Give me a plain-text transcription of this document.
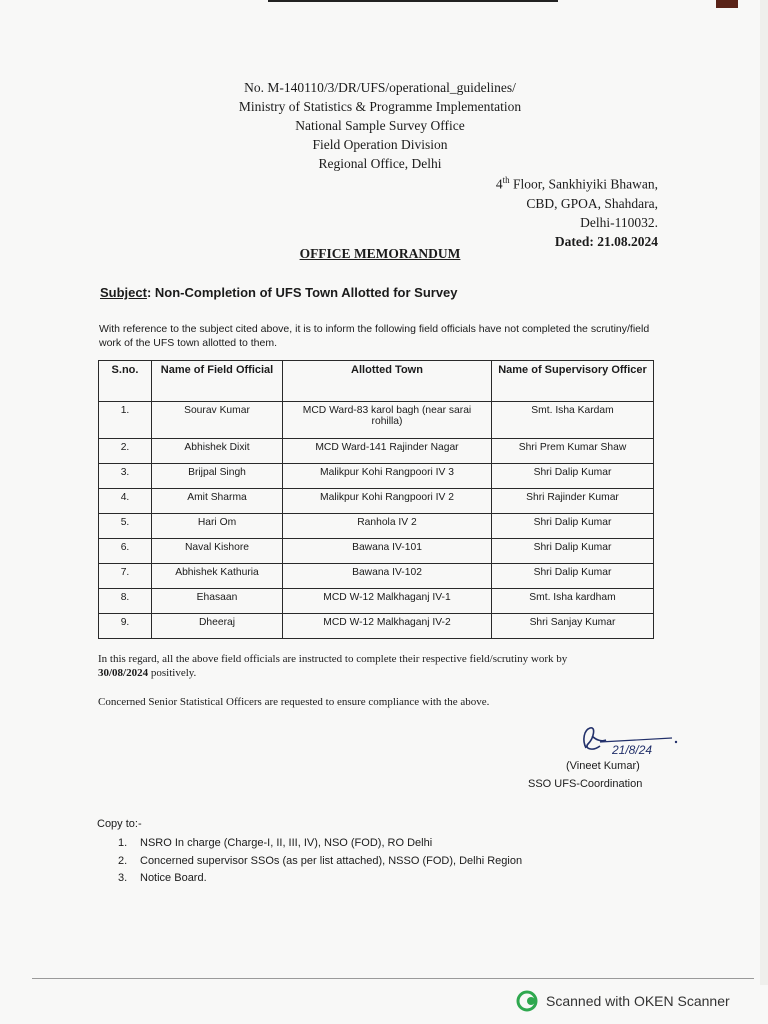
No. M-140110/3/DR/UFS/operational_guidelines/
Ministry of Statistics & Programme Implementation
National Sample Survey Office
Field Operation Division
Regional Office, Delhi
4th Floor, Sankhiyiki Bhawan,
CBD, GPOA, Shahdara,
Delhi-110032.
Dated: 21.08.2024
OFFICE MEMORANDUM
Subject: Non-Completion of UFS Town Allotted for Survey
With reference to the subject cited above, it is to inform the following field officials have not completed the scrutiny/field work of the UFS town allotted to them.
S.no.	Name of Field Official	Allotted Town	Name of Supervisory Officer
1.	Sourav Kumar	MCD Ward-83 karol bagh (near sarai rohilla)	Smt. Isha Kardam
2.	Abhishek Dixit	MCD Ward-141 Rajinder Nagar	Shri Prem Kumar Shaw
3.	Brijpal Singh	Malikpur Kohi Rangpoori IV 3	Shri Dalip Kumar
4.	Amit Sharma	Malikpur Kohi Rangpoori IV 2	Shri Rajinder Kumar
5.	Hari Om	Ranhola IV 2	Shri Dalip Kumar
6.	Naval Kishore	Bawana IV-101	Shri Dalip Kumar
7.	Abhishek Kathuria	Bawana IV-102	Shri Dalip Kumar
8.	Ehasaan	MCD W-12 Malkhaganj IV-1	Smt. Isha kardham
9.	Dheeraj	MCD W-12 Malkhaganj IV-2	Shri Sanjay Kumar
In this regard, all the above field officials are instructed to complete their respective field/scrutiny work by
30/08/2024 positively.
Concerned Senior Statistical Officers are requested to ensure compliance with the above.
21/8/24
(Vineet Kumar)
SSO UFS-Coordination
Copy to:-
1. NSRO In charge (Charge-I, II, III, IV), NSO (FOD), RO Delhi
2. Concerned supervisor SSOs (as per list attached), NSSO (FOD), Delhi Region
3. Notice Board.
Scanned with OKEN Scanner
